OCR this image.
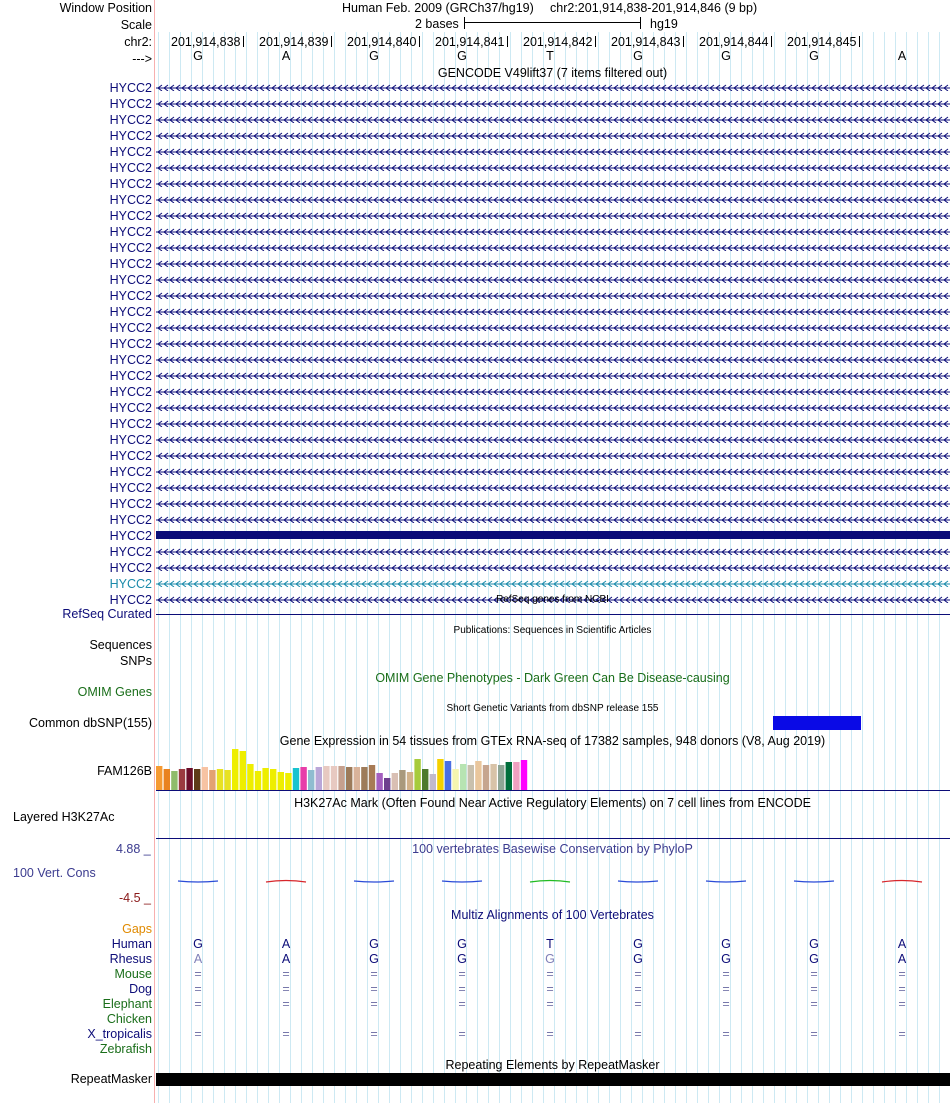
Window Position	Human Feb. 2009 (GRCh37/hg19) chr2:201,914,838-201,914,846 (9 bp)
Scale	2 bases	hg19
chr2: 201,914,838 201,914,839 201,914,840 201,914,841 201,914,842 201,914,843 201,914,844 201,914,845
--->	G	A	G	G	T	G	G	G	A
GENCODE V49lift37 (7 items filtered out)
HYCC2
HYCC2
HYCC2
HYCC2
HYCC2
HYCC2
HYCC2
HYCC2
HYCC2
HYCC2
HYCC2
HYCC2
HYCC2
HYCC2
HYCC2
HYCC2
HYCC2
HYCC2
HYCC2
HYCC2
HYCC2
HYCC2
HYCC2
HYCC2
HYCC2
HYCC2
HYCC2
HYCC2
HYCC2
HYCC2
HYCC2
HYCC2
HYCC2	RefSeq genes from NCBI
RefSeq Curated
Publications: Sequences in Scientific Articles
Sequences
SNPs
OMIM Gene Phenotypes - Dark Green Can Be Disease-causing
OMIM Genes
Short Genetic Variants from dbSNP release 155
Common dbSNP(155)
Gene Expression in 54 tissues from GTEx RNA-seq of 17382 samples, 948 donors (V8, Aug 2019)
FAM126B
H3K27Ac Mark (Often Found Near Active Regulatory Elements) on 7 cell lines from ENCODE
Layered H3K27Ac
100 vertebrates Basewise Conservation by PhyloP
4.88 _
100 Vert. Cons
-4.5 _
Multiz Alignments of 100 Vertebrates
Gaps
Human	G	A	G	G	T	G	G	G	A
Rhesus	A	A	G	G	G	G	G	G	A
Mouse	=	=	=	=	=	=	=	=	=
Dog	=	=	=	=	=	=	=	=	=
Elephant	=	=	=	=	=	=	=	=	=
Chicken
X_tropicalis	=	=	=	=	=	=	=	=	=
Zebrafish
Repeating Elements by RepeatMasker
RepeatMasker
